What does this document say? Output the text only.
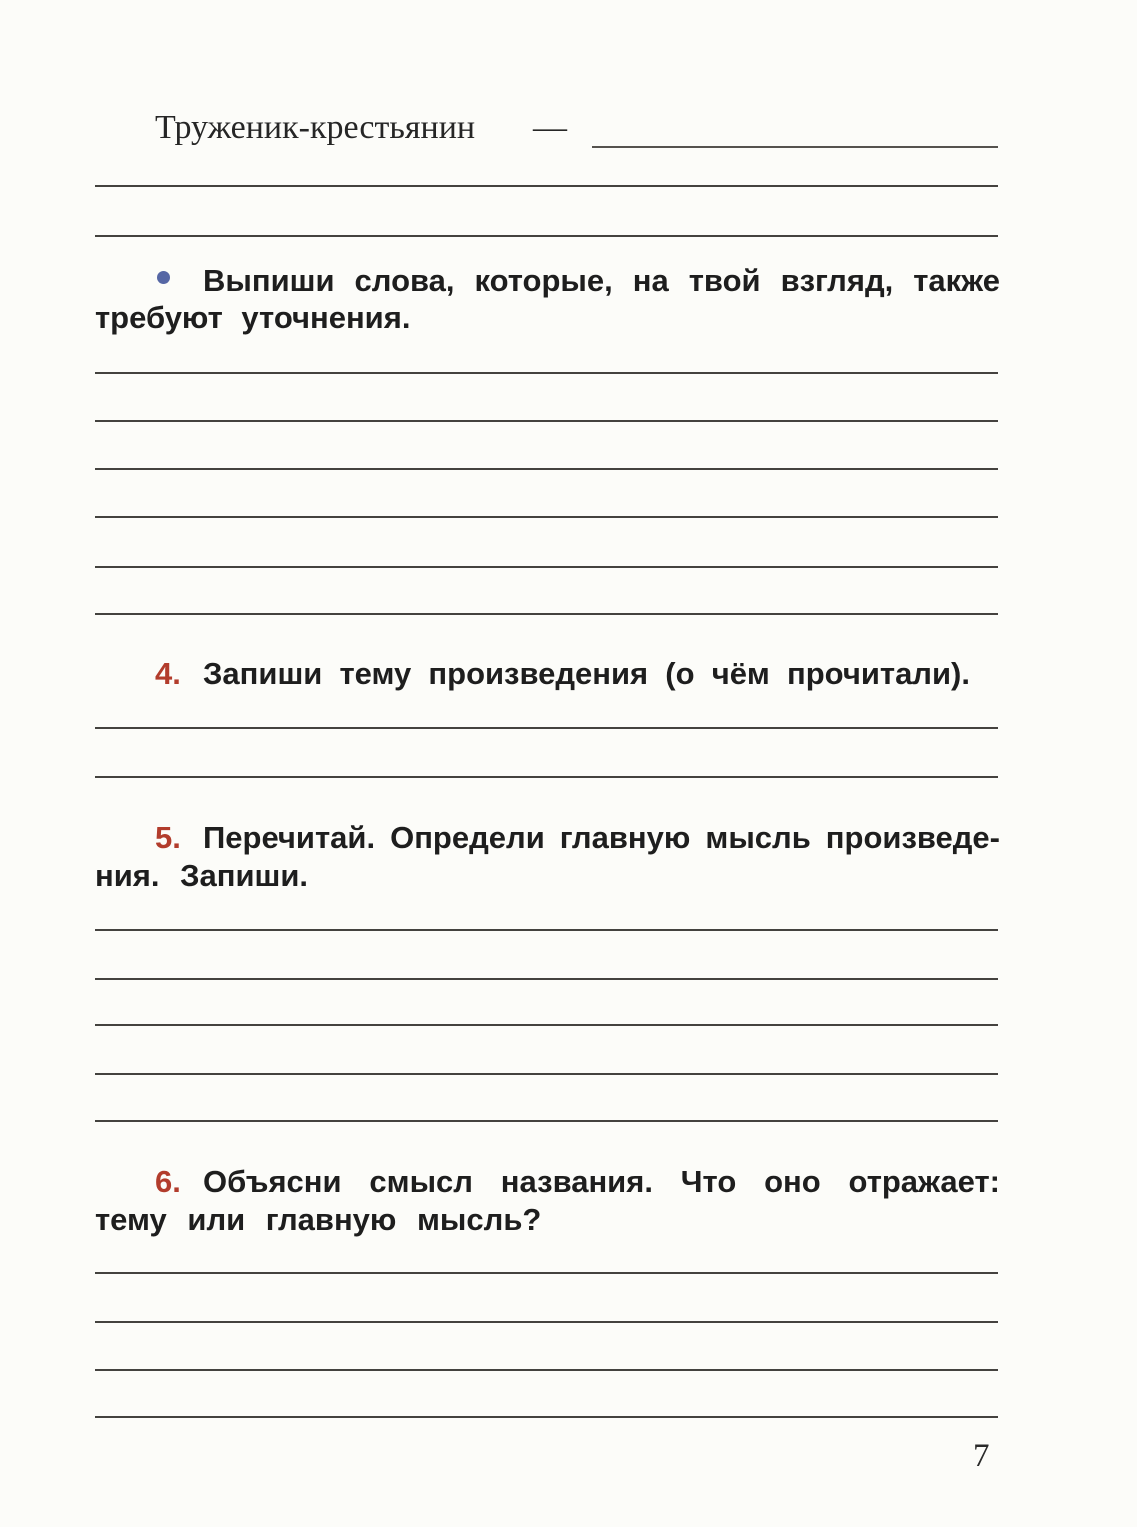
Труженик-крестьянин —
Выпиши слова, которые, на твой взгляд, также
требуют уточнения.
4. Запиши тему произведения (о чём прочитали).
5. Перечитай. Определи главную мысль произведе-
ния. Запиши.
6. Объясни смысл названия. Что оно отражает:
тему или главную мысль?
7
